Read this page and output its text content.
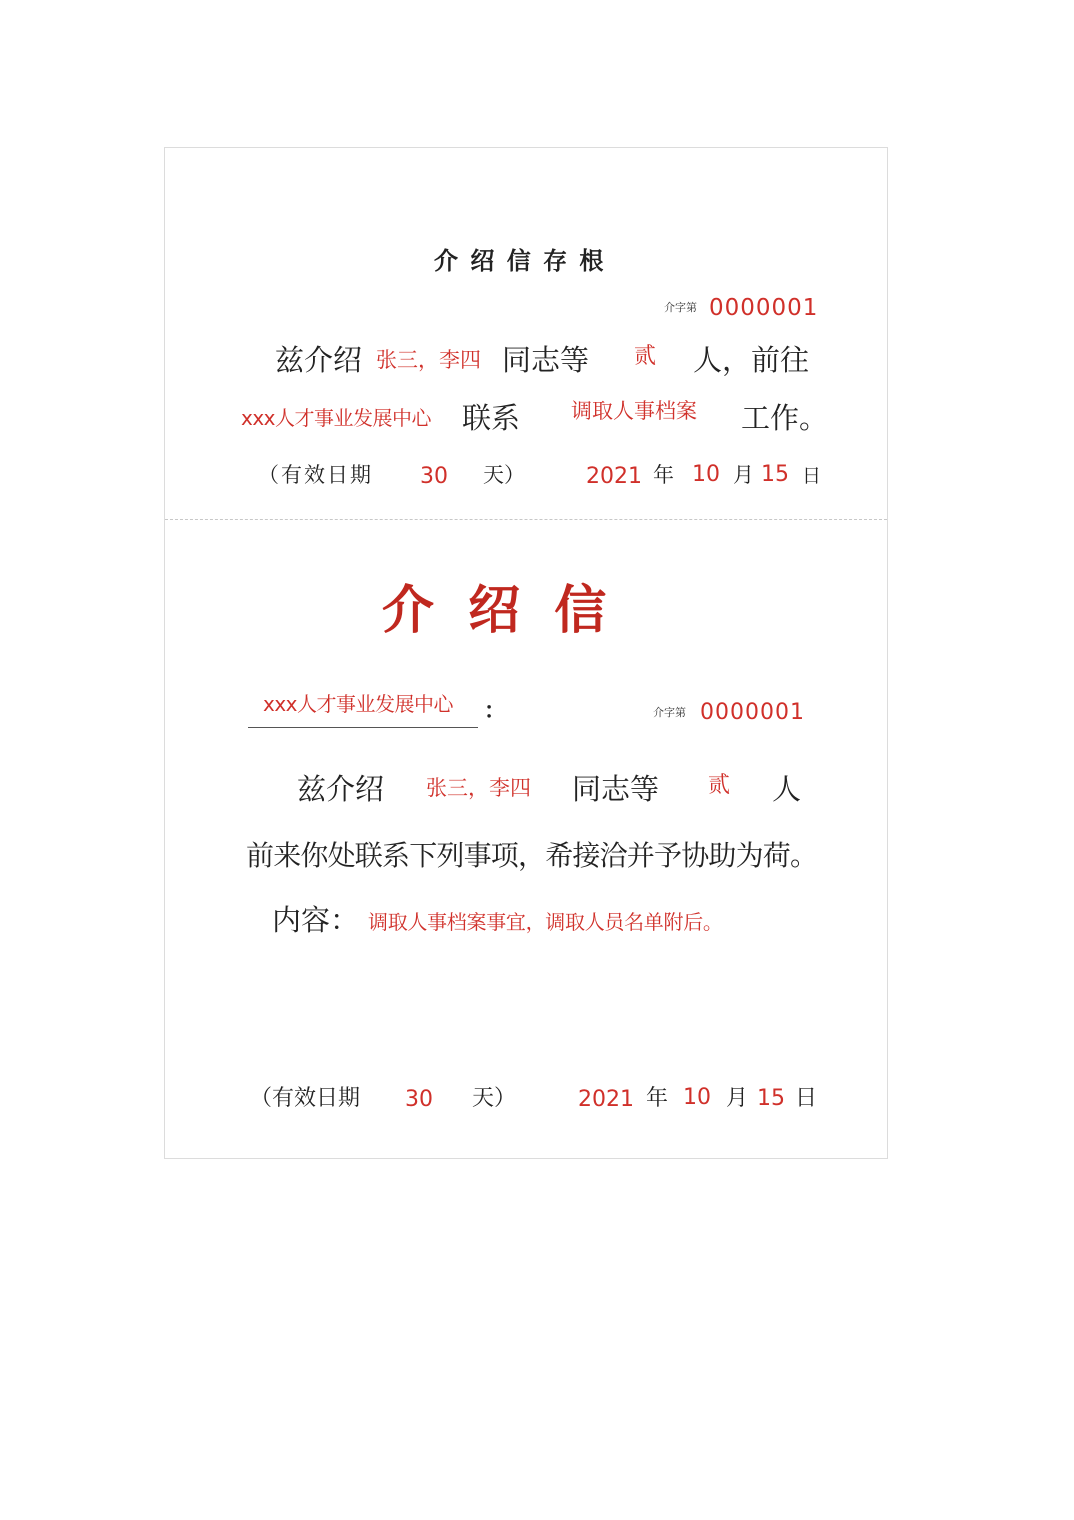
介 绍 信 存 根
介字第 0000001
兹介绍 张三，李四 同志等 贰 人，前往
xxx人才事业发展中心 联系 调取人事档案 工作。
（有效日期 30 天）	2021 年 10 月 15 日
介 绍 信
xxx人才事业发展中心 ：	介字第 0000001
兹介绍 张三，李四 同志等 贰 人
前来你处联系下列事项，希接洽并予协助为荷。
内容： 调取人事档案事宜，调取人员名单附后。
（有效日期 30 天）	2021 年 10 月 15 日
